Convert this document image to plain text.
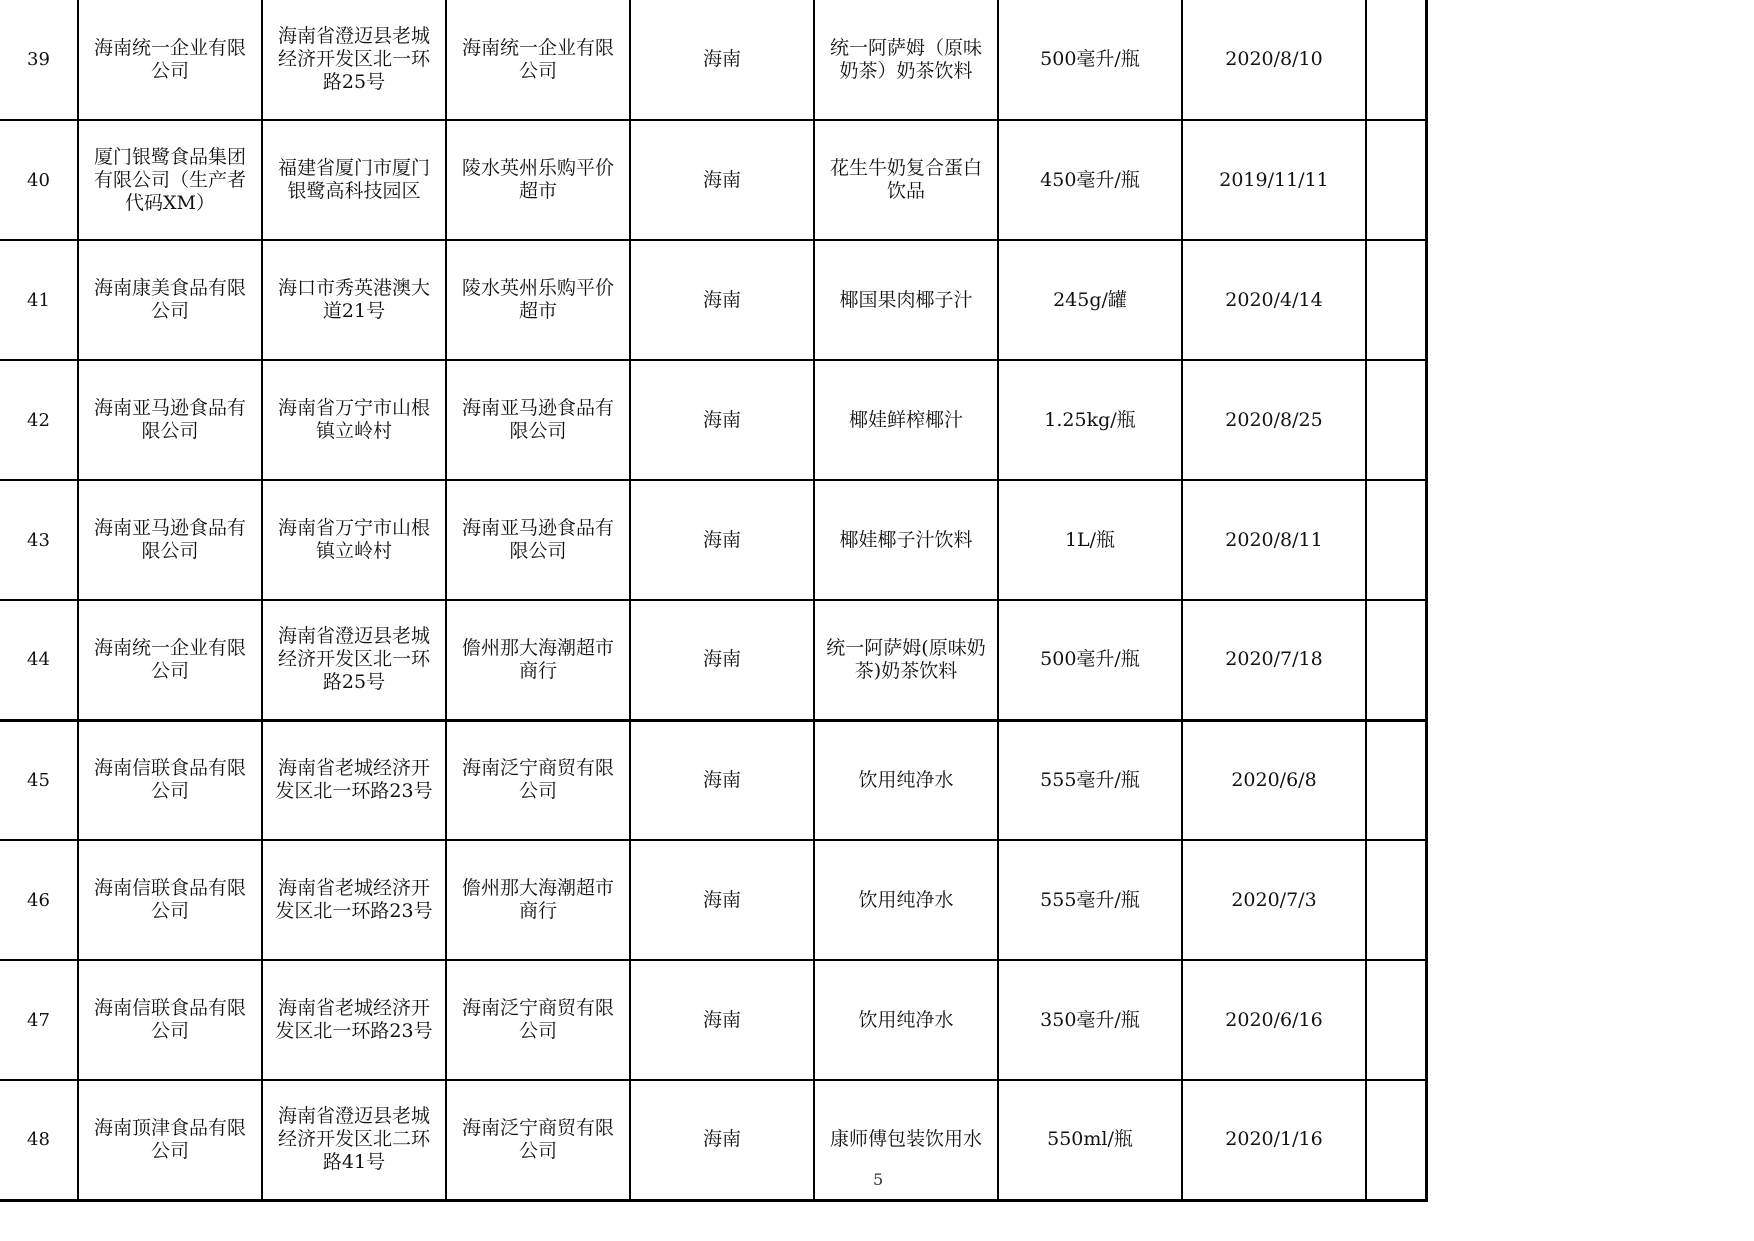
39	海南统一企业有限公司	海南省澄迈县老城经济开发区北一环路25号	海南统一企业有限公司	海南	统一阿萨姆（原味奶茶）奶茶饮料	500毫升/瓶	2020/8/10	
40	厦门银鹭食品集团有限公司（生产者代码XM）	福建省厦门市厦门银鹭高科技园区	陵水英州乐购平价超市	海南	花生牛奶复合蛋白饮品	450毫升/瓶	2019/11/11	
41	海南康美食品有限公司	海口市秀英港澳大道21号	陵水英州乐购平价超市	海南	椰国果肉椰子汁	245g/罐	2020/4/14	
42	海南亚马逊食品有限公司	海南省万宁市山根镇立岭村	海南亚马逊食品有限公司	海南	椰娃鲜榨椰汁	1.25kg/瓶	2020/8/25	
43	海南亚马逊食品有限公司	海南省万宁市山根镇立岭村	海南亚马逊食品有限公司	海南	椰娃椰子汁饮料	1L/瓶	2020/8/11	
44	海南统一企业有限公司	海南省澄迈县老城经济开发区北一环路25号	儋州那大海潮超市商行	海南	统一阿萨姆(原味奶茶)奶茶饮料	500毫升/瓶	2020/7/18	
45	海南信联食品有限公司	海南省老城经济开发区北一环路23号	海南泛宁商贸有限公司	海南	饮用纯净水	555毫升/瓶	2020/6/8	
46	海南信联食品有限公司	海南省老城经济开发区北一环路23号	儋州那大海潮超市商行	海南	饮用纯净水	555毫升/瓶	2020/7/3	
47	海南信联食品有限公司	海南省老城经济开发区北一环路23号	海南泛宁商贸有限公司	海南	饮用纯净水	350毫升/瓶	2020/6/16	
48	海南顶津食品有限公司	海南省澄迈县老城经济开发区北二环路41号	海南泛宁商贸有限公司	海南	康师傅包装饮用水	550ml/瓶	2020/1/16	
5
